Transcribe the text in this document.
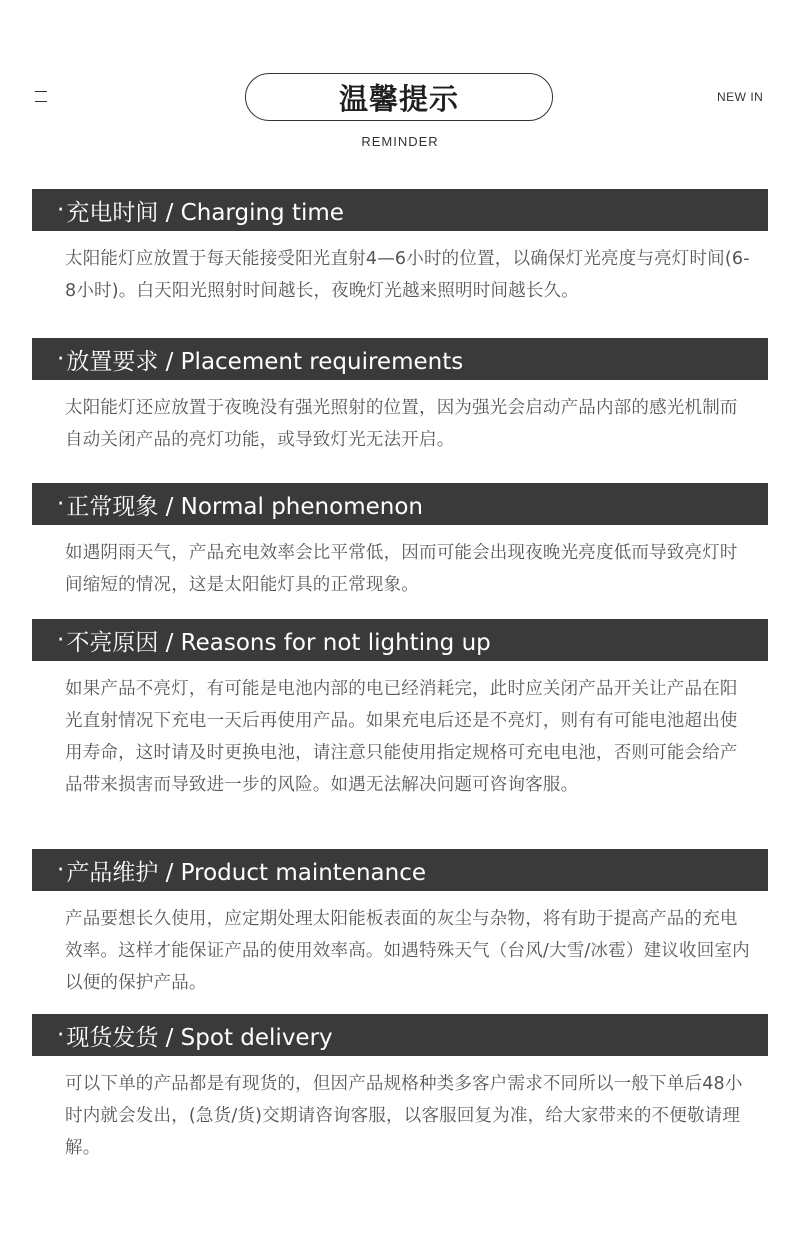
温馨提示
REMINDER
NEW IN
· 充电时间 / Charging time
太阳能灯应放置于每天能接受阳光直射4—6小时的位置，以确保灯光亮度与亮灯时间(6-8小时)。白天阳光照射时间越长，夜晚灯光越来照明时间越长久。
· 放置要求 / Placement requirements
太阳能灯还应放置于夜晚没有强光照射的位置，因为强光会启动产品内部的感光机制而自动关闭产品的亮灯功能，或导致灯光无法开启。
· 正常现象 / Normal phenomenon
如遇阴雨天气，产品充电效率会比平常低，因而可能会出现夜晚光亮度低而导致亮灯时间缩短的情况，这是太阳能灯具的正常现象。
· 不亮原因 / Reasons for not lighting up
如果产品不亮灯，有可能是电池内部的电已经消耗完，此时应关闭产品开关让产品在阳光直射情况下充电一天后再使用产品。如果充电后还是不亮灯，则有有可能电池超出使用寿命，这时请及时更换电池，请注意只能使用指定规格可充电电池，否则可能会给产品带来损害而导致进一步的风险。如遇无法解决问题可咨询客服。
· 产品维护 / Product maintenance
产品要想长久使用，应定期处理太阳能板表面的灰尘与杂物，将有助于提高产品的充电效率。这样才能保证产品的使用效率高。如遇特殊天气（台风/大雪/冰雹）建议收回室内以便的保护产品。
· 现货发货 / Spot delivery
可以下单的产品都是有现货的，但因产品规格种类多客户需求不同所以一般下单后48小时内就会发出，(急货/货)交期请咨询客服，以客服回复为准，给大家带来的不便敬请理解。
